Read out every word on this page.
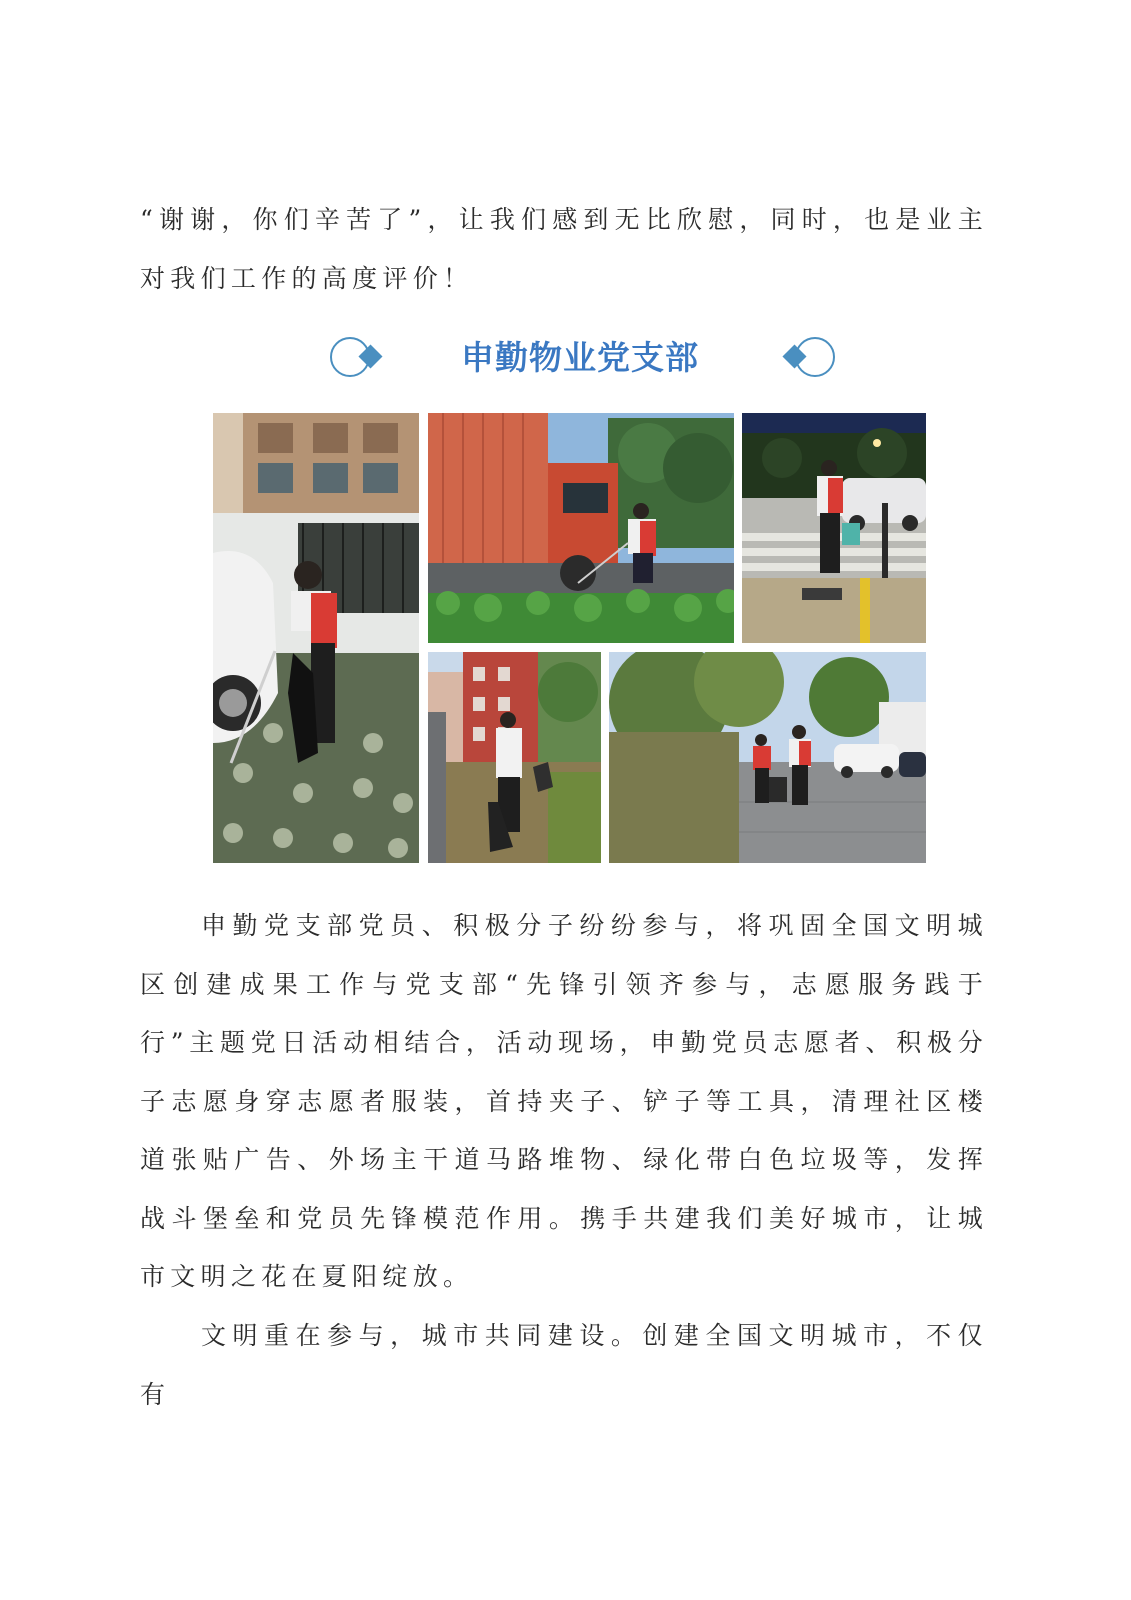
“谢谢，你们辛苦了”，让我们感到无比欣慰，同时，也是业主对我们工作的高度评价！

申勤物业党支部

申勤党支部党员、积极分子纷纷参与，将巩固全国文明城区创建成果工作与党支部“先锋引领齐参与，志愿服务践于行”主题党日活动相结合，活动现场，申勤党员志愿者、积极分子志愿身穿志愿者服装，首持夹子、铲子等工具，清理社区楼道张贴广告、外场主干道马路堆物、绿化带白色垃圾等，发挥战斗堡垒和党员先锋模范作用。携手共建我们美好城市，让城市文明之花在夏阳绽放。

文明重在参与，城市共同建设。创建全国文明城市，不仅有
